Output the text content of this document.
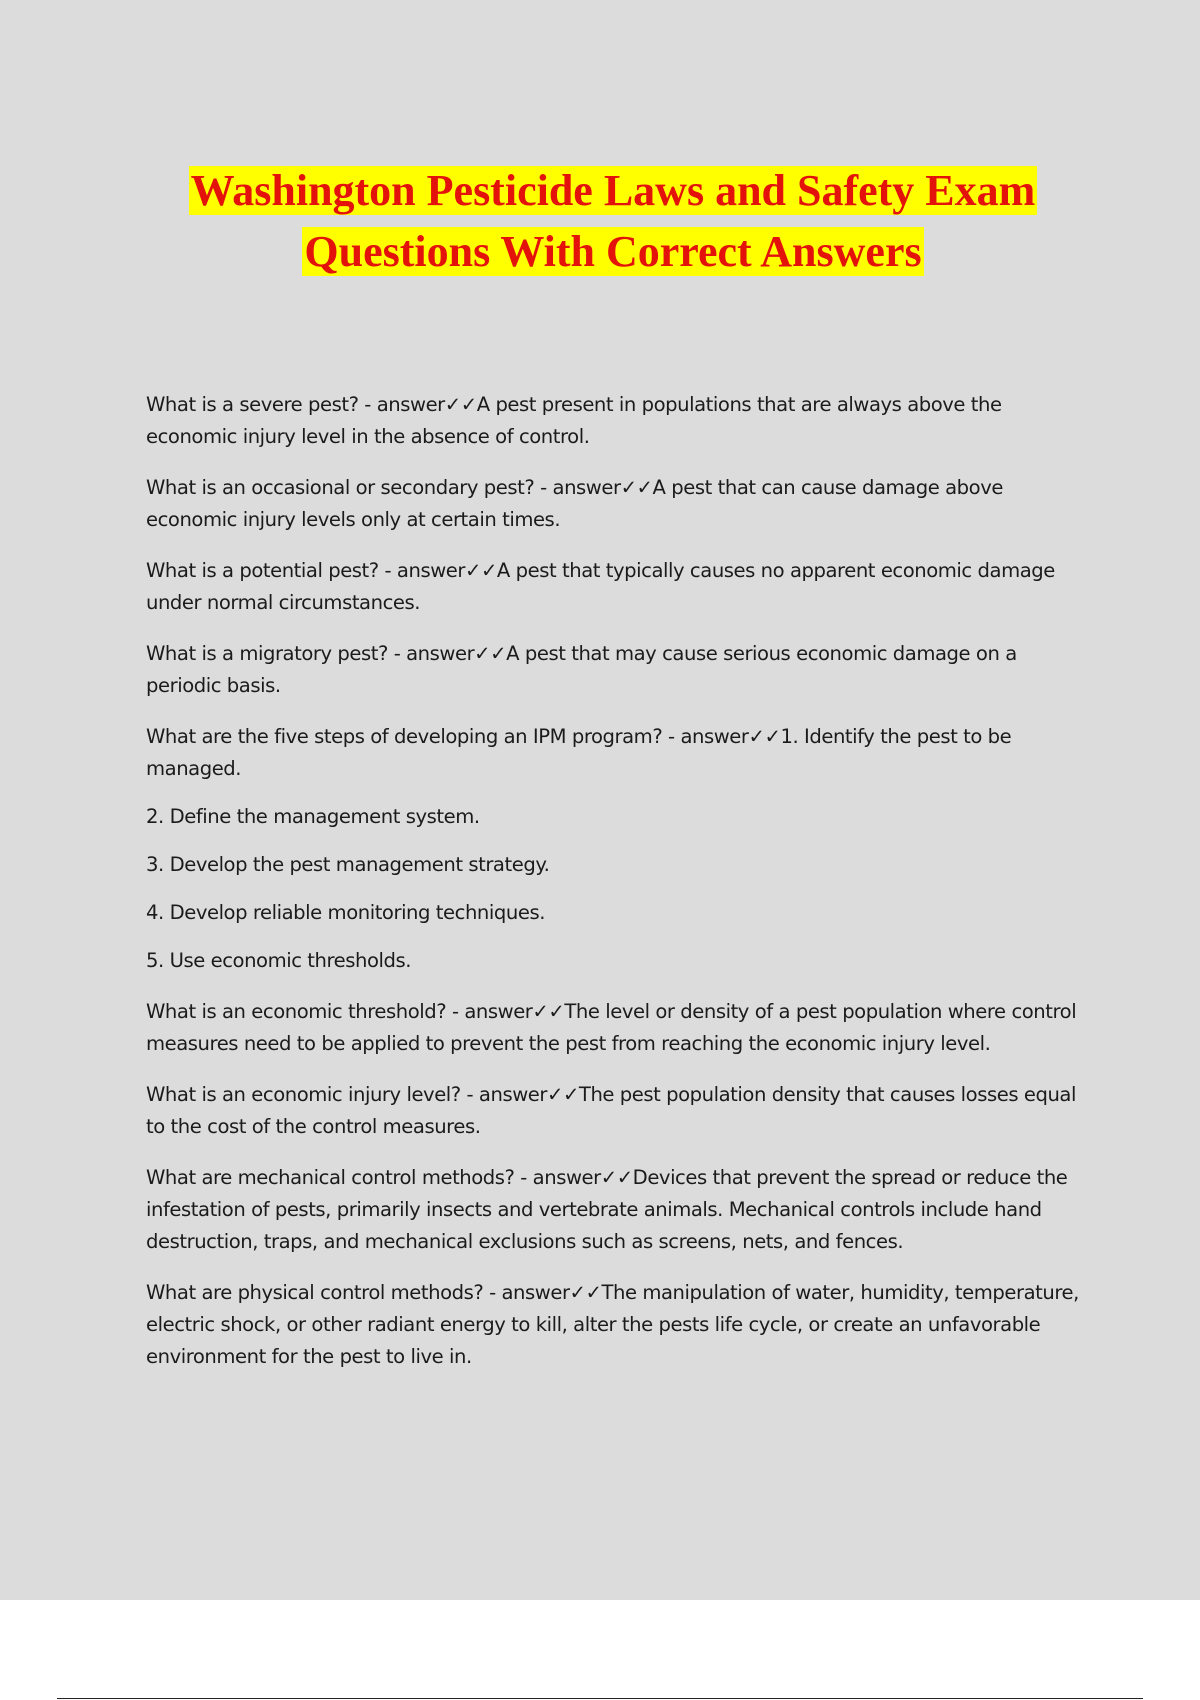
Washington Pesticide Laws and Safety Exam
Questions With Correct Answers

What is a severe pest? - answer✓✓A pest present in populations that are always above the economic injury level in the absence of control.

What is an occasional or secondary pest? - answer✓✓A pest that can cause damage above economic injury levels only at certain times.

What is a potential pest? - answer✓✓A pest that typically causes no apparent economic damage under normal circumstances.

What is a migratory pest? - answer✓✓A pest that may cause serious economic damage on a periodic basis.

What are the five steps of developing an IPM program? - answer✓✓1. Identify the pest to be managed.

2. Define the management system.

3. Develop the pest management strategy.

4. Develop reliable monitoring techniques.

5. Use economic thresholds.

What is an economic threshold? - answer✓✓The level or density of a pest population where control measures need to be applied to prevent the pest from reaching the economic injury level.

What is an economic injury level? - answer✓✓The pest population density that causes losses equal to the cost of the control measures.

What are mechanical control methods? - answer✓✓Devices that prevent the spread or reduce the infestation of pests, primarily insects and vertebrate animals. Mechanical controls include hand destruction, traps, and mechanical exclusions such as screens, nets, and fences.

What are physical control methods? - answer✓✓The manipulation of water, humidity, temperature, electric shock, or other radiant energy to kill, alter the pests life cycle, or create an unfavorable environment for the pest to live in.
